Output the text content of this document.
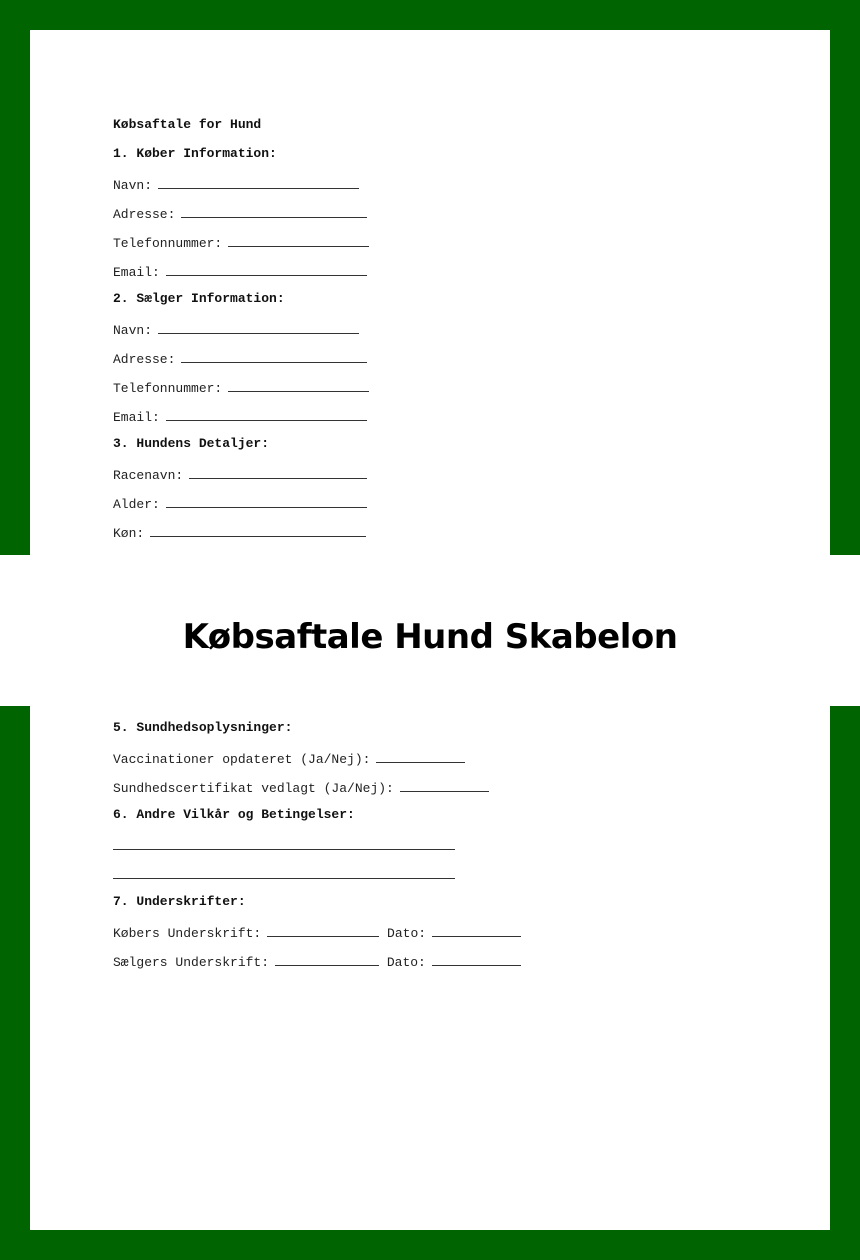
Købsaftale for Hund
1. Køber Information:
Navn:
Adresse:
Telefonnummer:
Email:
2. Sælger Information:
Navn:
Adresse:
Telefonnummer:
Email:
3. Hundens Detaljer:
Racenavn:
Alder:
Køn:
5. Sundhedsoplysninger:
Vaccinationer opdateret (Ja/Nej):
Sundhedscertifikat vedlagt (Ja/Nej):
6. Andre Vilkår og Betingelser:
7. Underskrifter:
Købers Underskrift:	Dato:
Sælgers Underskrift:	Dato:
Købsaftale Hund Skabelon
